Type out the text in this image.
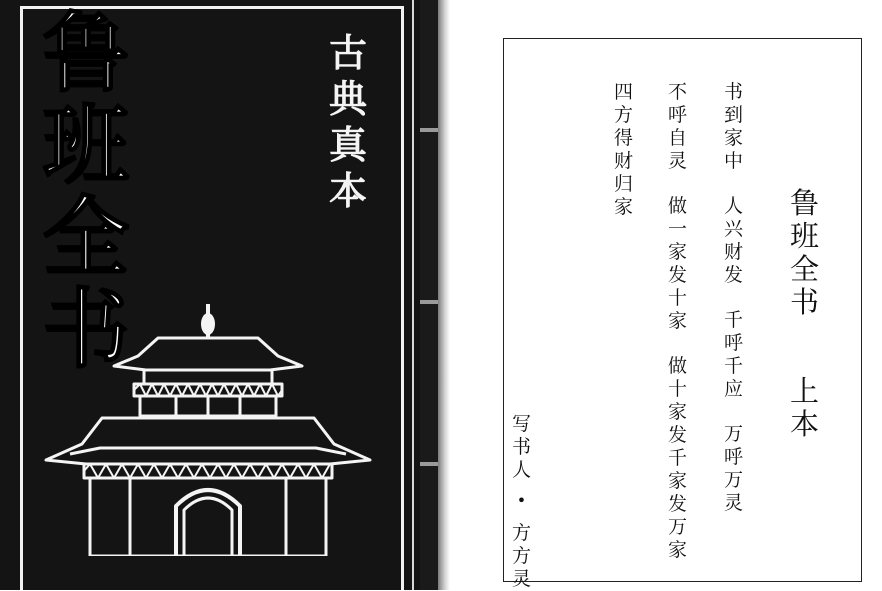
鲁
班
全
书
古
典
真
本	鲁
班
全
书
上
本
书
到
家
中
人
兴
财
发
千
呼
千
应
万
呼
万
灵
不
呼
自
灵
做
一
家
发
十
家
做
十
家
发
千
家
发
万
家
四
方
得
财
归
家
写
书
人
•
方
方
灵
